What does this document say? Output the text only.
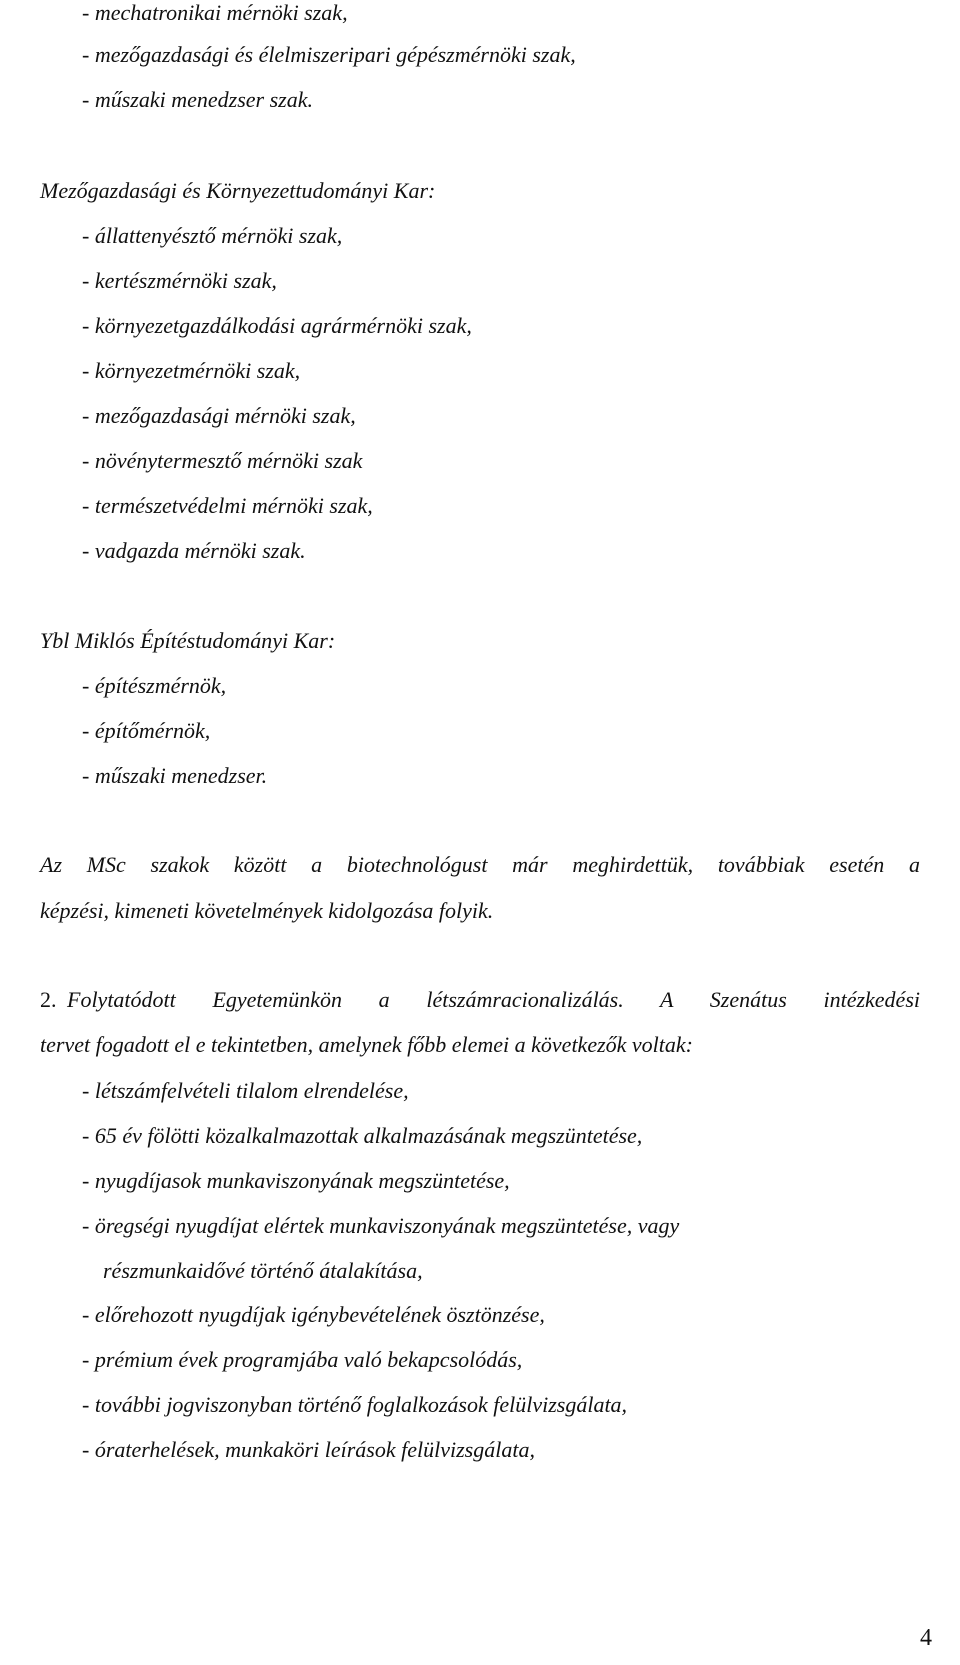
- mechatronikai mérnöki szak,
- mezőgazdasági és élelmiszeripari gépészmérnöki szak,
- műszaki menedzser szak.
Mezőgazdasági és Környezettudományi Kar:
- állattenyésztő mérnöki szak,
- kertészmérnöki szak,
- környezetgazdálkodási agrármérnöki szak,
- környezetmérnöki szak,
- mezőgazdasági mérnöki szak,
- növénytermesztő mérnöki szak
- természetvédelmi mérnöki szak,
- vadgazda mérnöki szak.
Ybl Miklós Építéstudományi Kar:
- építészmérnök,
- építőmérnök,
- műszaki menedzser.
Az MSc szakok között a biotechnológust már meghirdettük, továbbiak esetén a
képzési, kimeneti követelmények kidolgozása folyik.
2. Folytatódott Egyetemünkön a létszámracionalizálás. A Szenátus intézkedési
tervet fogadott el e tekintetben, amelynek főbb elemei a következők voltak:
- létszámfelvételi tilalom elrendelése,
- 65 év fölötti közalkalmazottak alkalmazásának megszüntetése,
- nyugdíjasok munkaviszonyának megszüntetése,
- öregségi nyugdíjat elértek munkaviszonyának megszüntetése, vagy
részmunkaidővé történő átalakítása,
- előrehozott nyugdíjak igénybevételének ösztönzése,
- prémium évek programjába való bekapcsolódás,
- további jogviszonyban történő foglalkozások felülvizsgálata,
- óraterhelések, munkaköri leírások felülvizsgálata,
4
